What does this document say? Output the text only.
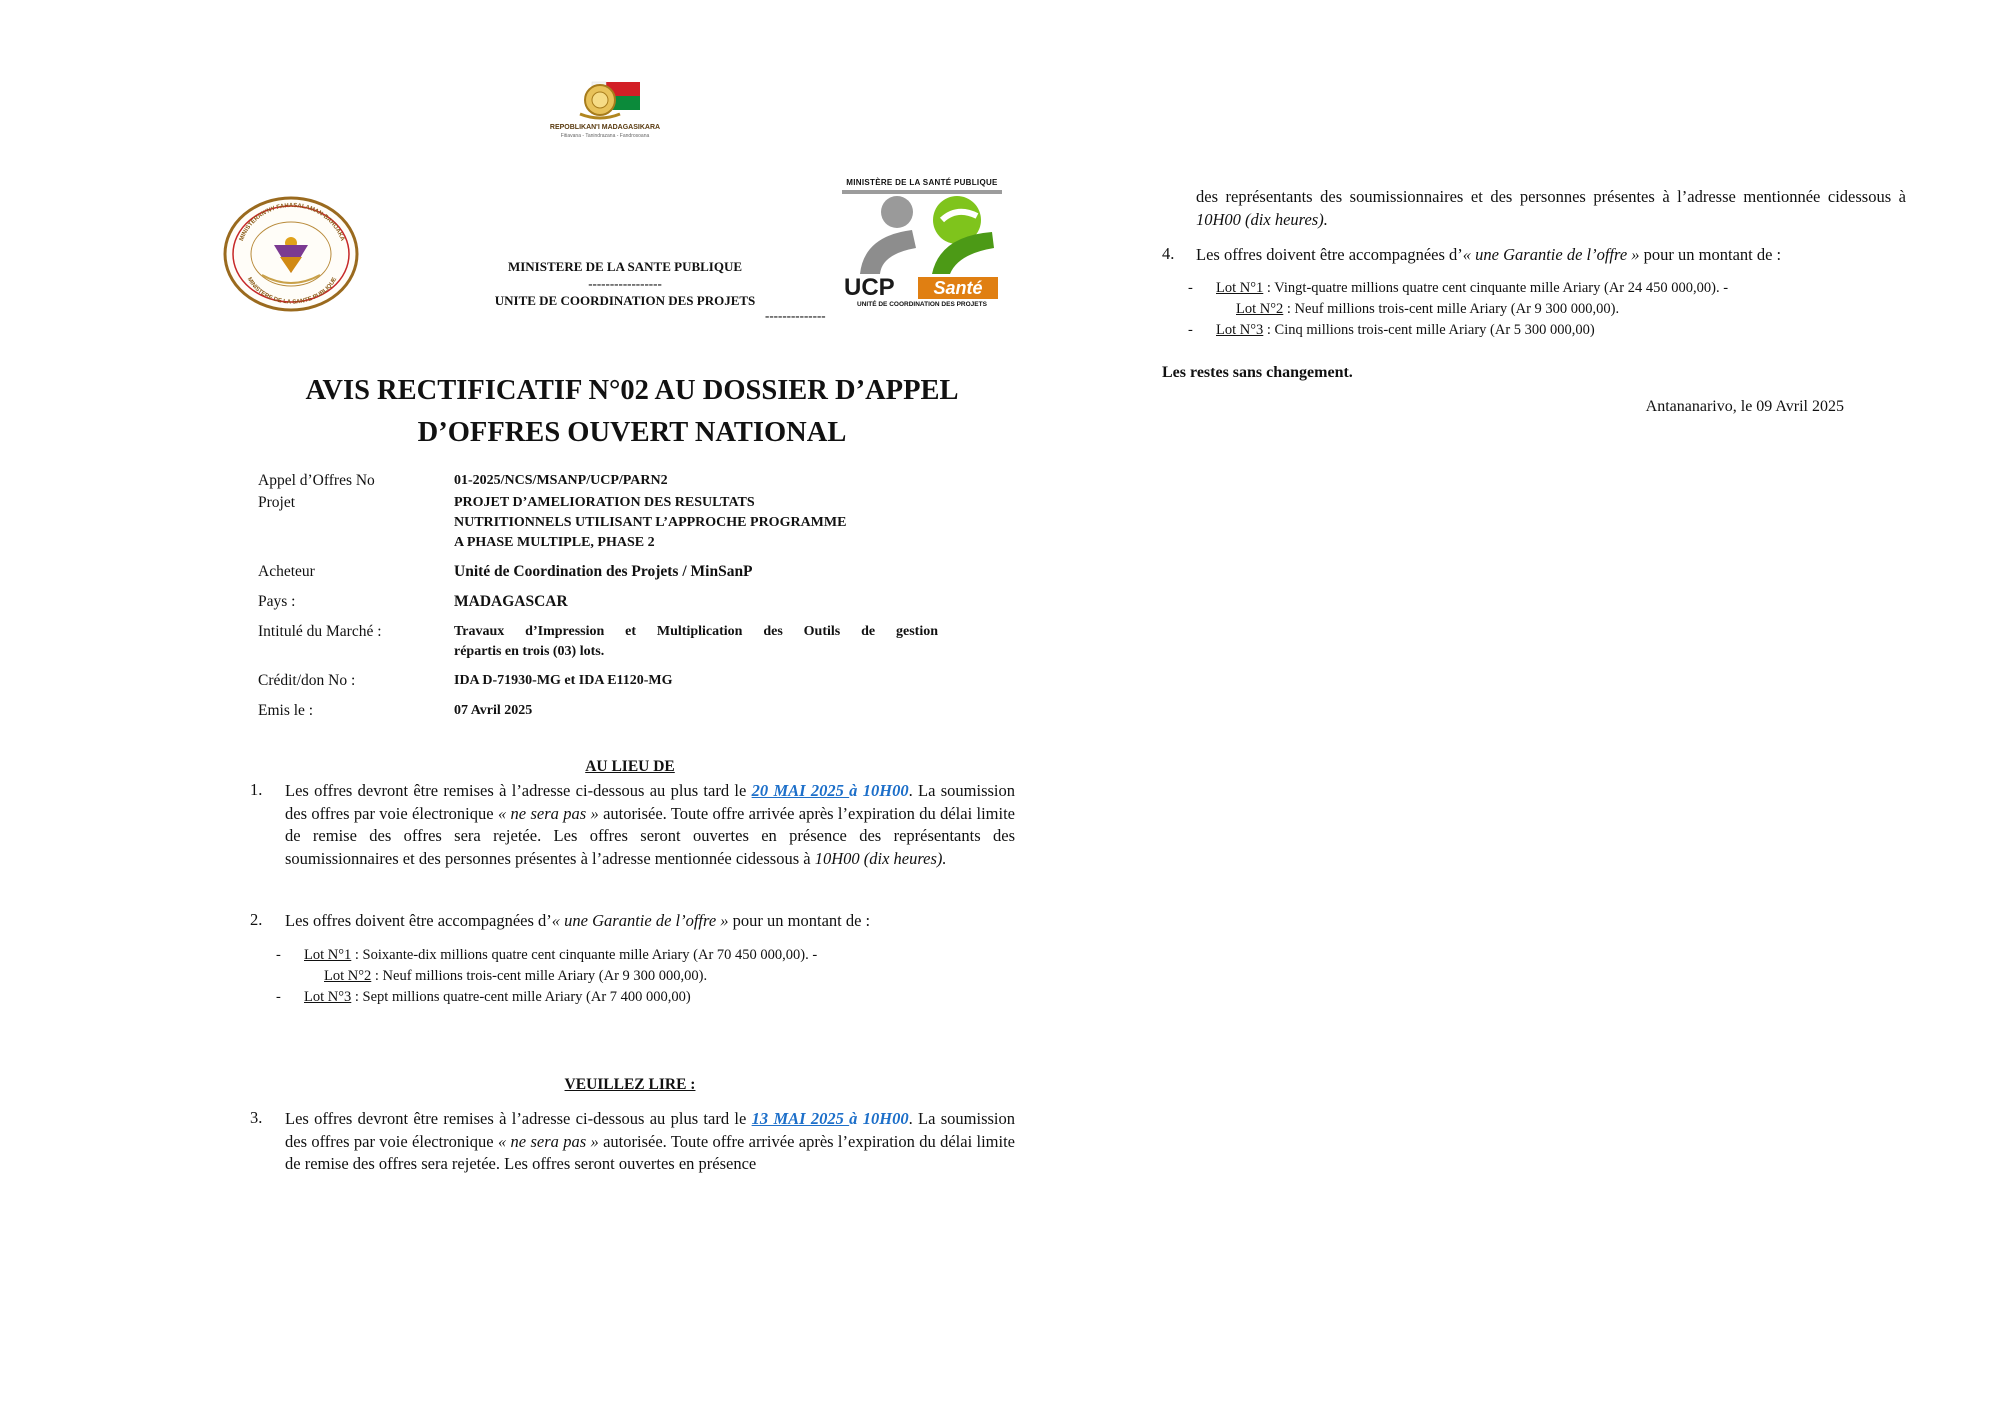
REPOBLIKAN'I MADAGASIKARA
Fitiavana - Tanindrazana - Fandrosoana
MINISTERAN'NY FAHASALAMAN-BAHOAKA
MINISTERE DE LA SANTE PUBLIQUE
MINISTERE DE LA SANTE PUBLIQUE
-----------------
UNITE DE COORDINATION DES PROJETS
--------------
MINISTÈRE DE LA SANTÉ PUBLIQUE
UCP	Santé
UNITÉ DE COORDINATION DES PROJETS
AVIS RECTIFICATIF N°02 AU DOSSIER D’APPEL
D’OFFRES OUVERT NATIONAL
Appel d’Offres No	01-2025/NCS/MSANP/UCP/PARN2
Projet	PROJET D’AMELIORATION DES RESULTATS
NUTRITIONNELS UTILISANT L’APPROCHE PROGRAMME
A PHASE MULTIPLE, PHASE 2
Acheteur	Unité de Coordination des Projets / MinSanP
Pays :	MADAGASCAR
Intitulé du Marché :	Travaux d’Impression et Multiplication des Outils de gestion
répartis en trois (03) lots.
Crédit/don No :	IDA D-71930-MG et IDA E1120-MG
Emis le :	07 Avril 2025
AU LIEU DE
1. Les offres devront être remises à l’adresse ci-dessous au plus tard le 20 MAI 2025 à 10H00. La soumission des offres par voie électronique « ne sera pas » autorisée. Toute offre arrivée après l’expiration du délai limite de remise des offres sera rejetée. Les offres seront ouvertes en présence des représentants des soumissionnaires et des personnes présentes à l’adresse mentionnée cidessous à 10H00 (dix heures).
2. Les offres doivent être accompagnées d’« une Garantie de l’offre » pour un montant de :
- Lot N°1 : Soixante-dix millions quatre cent cinquante mille Ariary (Ar 70 450 000,00). -
Lot N°2 : Neuf millions trois-cent mille Ariary (Ar 9 300 000,00).
- Lot N°3 : Sept millions quatre-cent mille Ariary (Ar 7 400 000,00)
VEUILLEZ LIRE :
3. Les offres devront être remises à l’adresse ci-dessous au plus tard le 13 MAI 2025 à 10H00. La soumission des offres par voie électronique « ne sera pas » autorisée. Toute offre arrivée après l’expiration du délai limite de remise des offres sera rejetée. Les offres seront ouvertes en présence
des représentants des soumissionnaires et des personnes présentes à l’adresse mentionnée cidessous à 10H00 (dix heures).
4. Les offres doivent être accompagnées d’« une Garantie de l’offre » pour un montant de :
- Lot N°1 : Vingt-quatre millions quatre cent cinquante mille Ariary (Ar 24 450 000,00). -
Lot N°2 : Neuf millions trois-cent mille Ariary (Ar 9 300 000,00).
- Lot N°3 : Cinq millions trois-cent mille Ariary (Ar 5 300 000,00)
Les restes sans changement.
Antananarivo, le 09 Avril 2025
